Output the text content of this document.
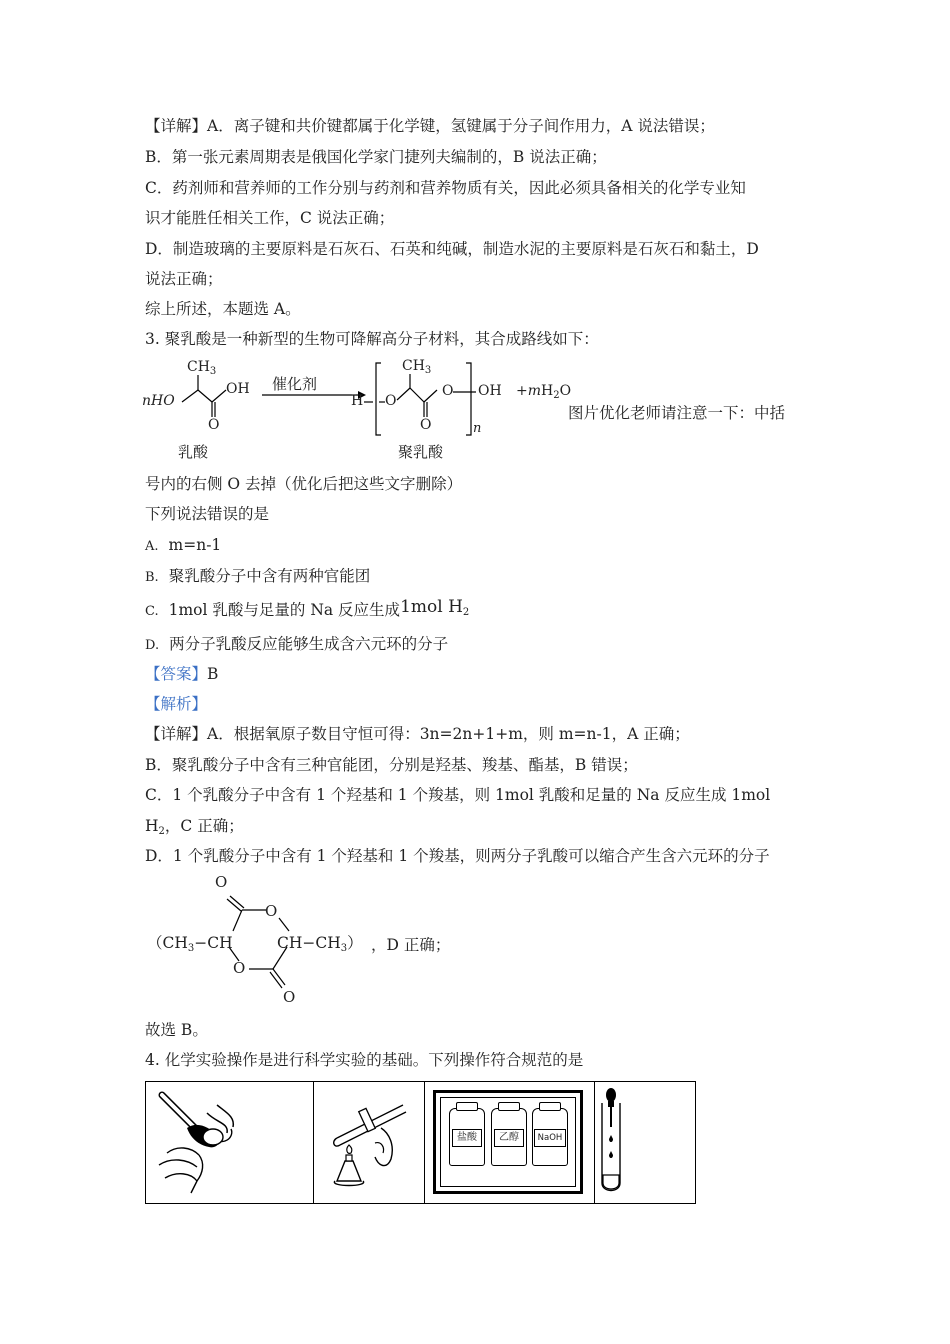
【详解】A．离子键和共价键都属于化学键，氢键属于分子间作用力，A 说法错误；
B．第一张元素周期表是俄国化学家门捷列夫编制的，B 说法正确；
C．药剂师和营养师的工作分别与药剂和营养物质有关，因此必须具备相关的化学专业知
识才能胜任相关工作，C 说法正确；
D．制造玻璃的主要原料是石灰石、石英和纯碱，制造水泥的主要原料是石灰石和黏土，D
说法正确；
综上所述，本题选 A。
3. 聚乳酸是一种新型的生物可降解高分子材料，其合成路线如下：
$CH_3$
nHO
OH
O
乳酸
催化剂
H O
$CH_3$
O
O OH
n
$+mH_2O$
聚乳酸
图片优化老师请注意一下：中括
号内的右侧 O 去掉（优化后把这些文字删除）
下列说法错误的是
A. m=n-1
B. 聚乳酸分子中含有两种官能团
C. 1mol 乳酸与足量的 Na 反应生成1mol $H_2$
D. 两分子乳酸反应能够生成含六元环的分子
【答案】B
【解析】
【详解】A．根据氧原子数目守恒可得：3n=2n+1+m，则 m=n-1，A 正确；
B．聚乳酸分子中含有三种官能团，分别是羟基、羧基、酯基，B 错误；
C．1 个乳酸分子中含有 1 个羟基和 1 个羧基，则 1mol 乳酸和足量的 Na 反应生成 1mol
$H_2$，C 正确；
D．1 个乳酸分子中含有 1 个羟基和 1 个羧基，则两分子乳酸可以缩合产生含六元环的分子
O
O
（$CH_3-CH$	$CH-CH_3$）
O
O
，D 正确；
故选 B。
4. 化学实验操作是进行科学实验的基础。下列操作符合规范的是
盐酸	乙醇	NaOH
